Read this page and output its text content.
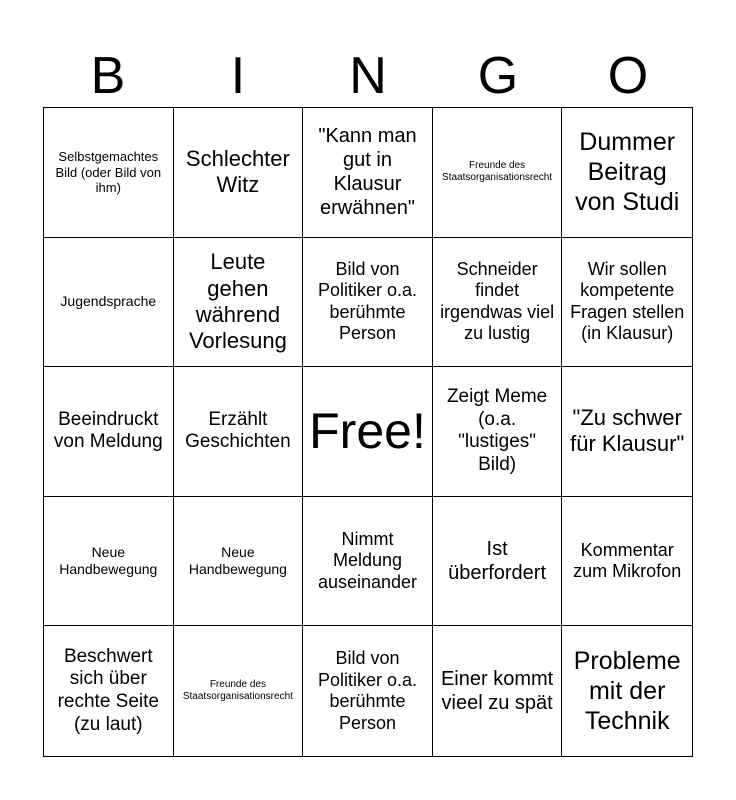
B	I	N	G	O
Selbstgemachtes Bild (oder Bild von ihm)
Schlechter Witz
"Kann man gut in Klausur erwähnen"
Freunde des Staatsorganisationsrecht
Dummer Beitrag von Studi
Jugendsprache
Leute gehen während Vorlesung
Bild von Politiker o.a. berühmte Person
Schneider findet irgendwas viel zu lustig
Wir sollen kompetente Fragen stellen (in Klausur)
Beeindruckt von Meldung
Erzählt Geschichten Free!
Zeigt Meme (o.a. "lustiges" Bild)
"Zu schwer für Klausur"
Neue Handbewegung
Neue Handbewegung
Nimmt Meldung auseinander
Ist überfordert
Kommentar zum Mikrofon
Beschwert sich über rechte Seite (zu laut)
Freunde des Staatsorganisationsrecht
Bild von Politiker o.a. berühmte Person
Einer kommt vieel zu spät
Probleme mit der Technik
